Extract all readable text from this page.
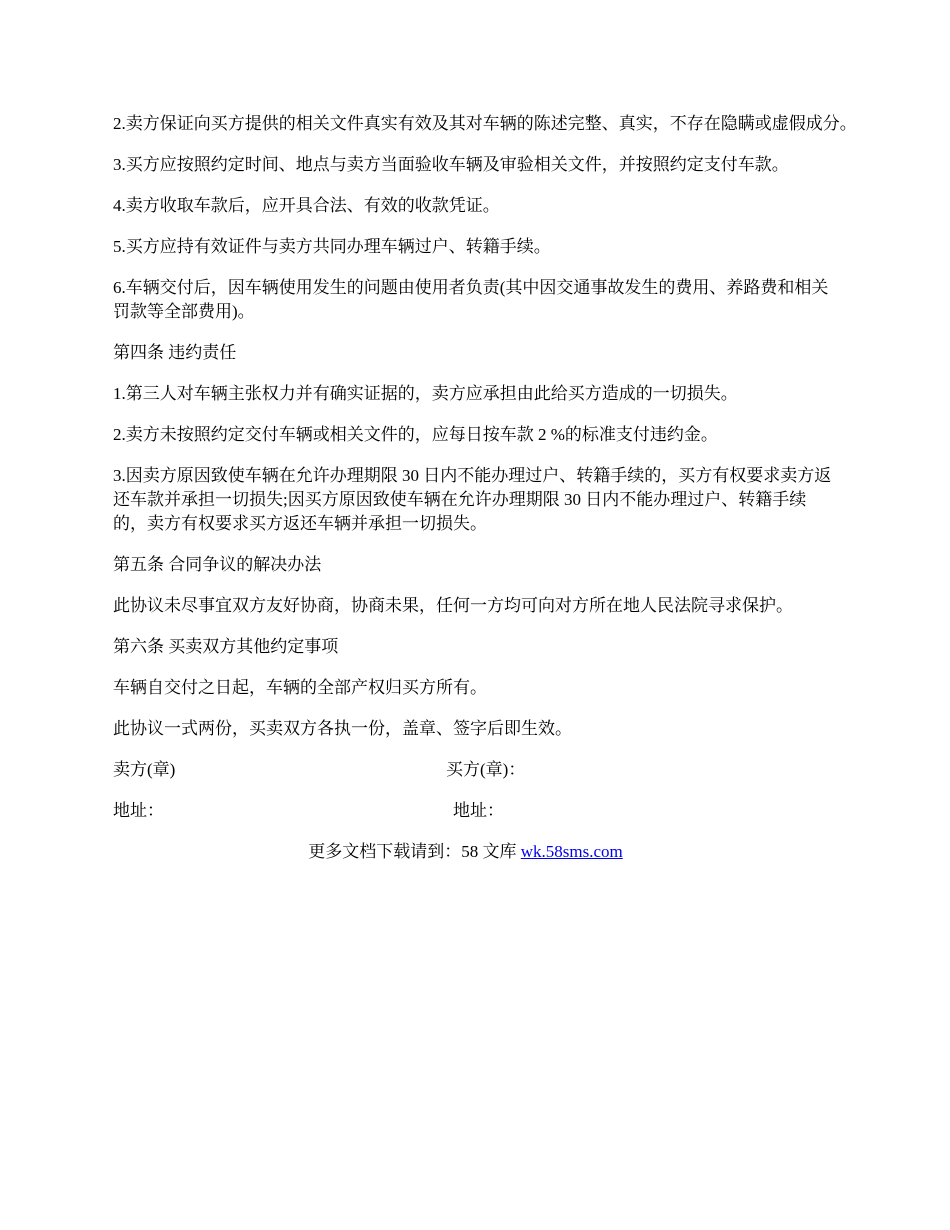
2.卖方保证向买方提供的相关文件真实有效及其对车辆的陈述完整、真实，不存在隐瞒或虚假成分。

3.买方应按照约定时间、地点与卖方当面验收车辆及审验相关文件，并按照约定支付车款。

4.卖方收取车款后，应开具合法、有效的收款凭证。

5.买方应持有效证件与卖方共同办理车辆过户、转籍手续。

6.车辆交付后，因车辆使用发生的问题由使用者负责(其中因交通事故发生的费用、养路费和相关罚款等全部费用)。

第四条 违约责任

1.第三人对车辆主张权力并有确实证据的，卖方应承担由此给买方造成的一切损失。

2.卖方未按照约定交付车辆或相关文件的，应每日按车款 2 %的标准支付违约金。

3.因卖方原因致使车辆在允许办理期限 30 日内不能办理过户、转籍手续的，买方有权要求卖方返还车款并承担一切损失;因买方原因致使车辆在允许办理期限 30 日内不能办理过户、转籍手续的，卖方有权要求买方返还车辆并承担一切损失。

第五条 合同争议的解决办法

此协议未尽事宜双方友好协商，协商未果，任何一方均可向对方所在地人民法院寻求保护。

第六条 买卖双方其他约定事项

车辆自交付之日起，车辆的全部产权归买方所有。

此协议一式两份，买卖双方各执一份，盖章、签字后即生效。

卖方(章)	买方(章)：
地址：	地址：

更多文档下载请到：58 文库 wk.58sms.com
